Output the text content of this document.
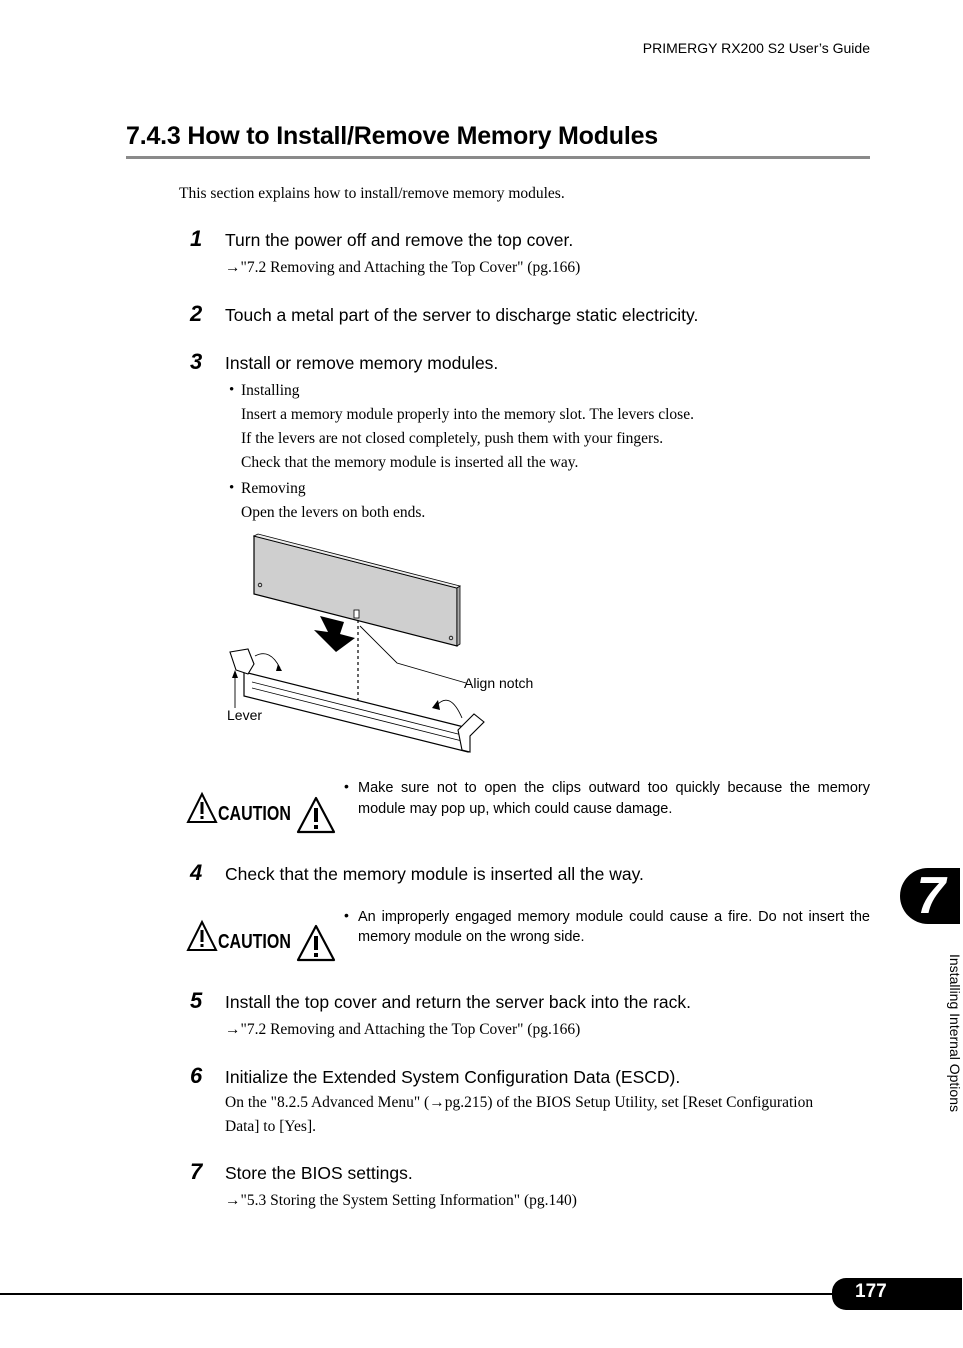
PRIMERGY RX200 S2 User’s Guide
7.4.3 How to Install/Remove Memory Modules
This section explains how to install/remove memory modules.
1 Turn the power off and remove the top cover.
→"7.2 Removing and Attaching the Top Cover" (pg.166)
2 Touch a metal part of the server to discharge static electricity.
3 Install or remove memory modules.
• Installing
Insert a memory module properly into the memory slot. The levers close.
If the levers are not closed completely, push them with your fingers.
Check that the memory module is inserted all the way.
• Removing
Open the levers on both ends.
Align notch
Lever
CAUTION
• Make sure not to open the clips outward too quickly because the memory
module may pop up, which could cause damage.
4 Check that the memory module is inserted all the way.
CAUTION
• An improperly engaged memory module could cause a fire. Do not insert the
memory module on the wrong side.
5 Install the top cover and return the server back into the rack.
→"7.2 Removing and Attaching the Top Cover" (pg.166)
6 Initialize the Extended System Configuration Data (ESCD).
On the "8.2.5 Advanced Menu" (→pg.215) of the BIOS Setup Utility, set [Reset Configuration
Data] to [Yes].
7 Store the BIOS settings.
→"5.3 Storing the System Setting Information" (pg.140)
7
Installing Internal Options
177
